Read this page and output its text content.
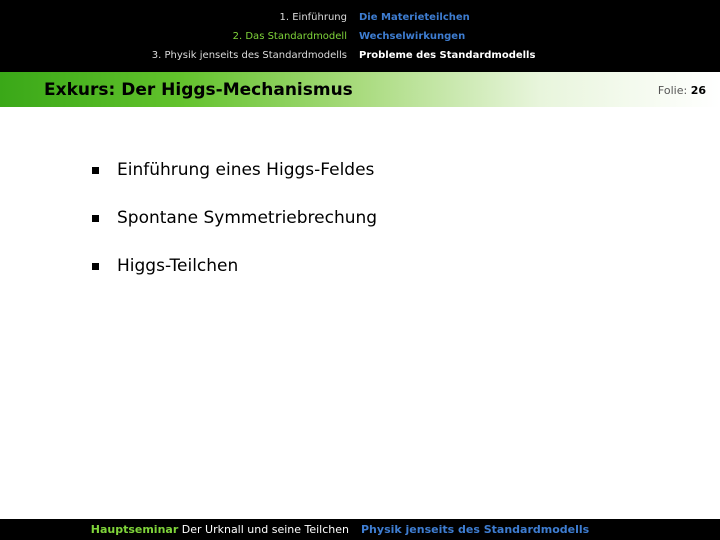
1. Einführung
2. Das Standardmodell
3. Physik jenseits des Standardmodells
Die Materieteilchen
Wechselwirkungen
Probleme des Standardmodells
Exkurs: Der Higgs-Mechanismus	Folie: 26
Einführung eines Higgs-Feldes
Spontane Symmetriebrechung
Higgs-Teilchen
Hauptseminar Der Urknall und seine Teilchen Physik jenseits des Standardmodells
